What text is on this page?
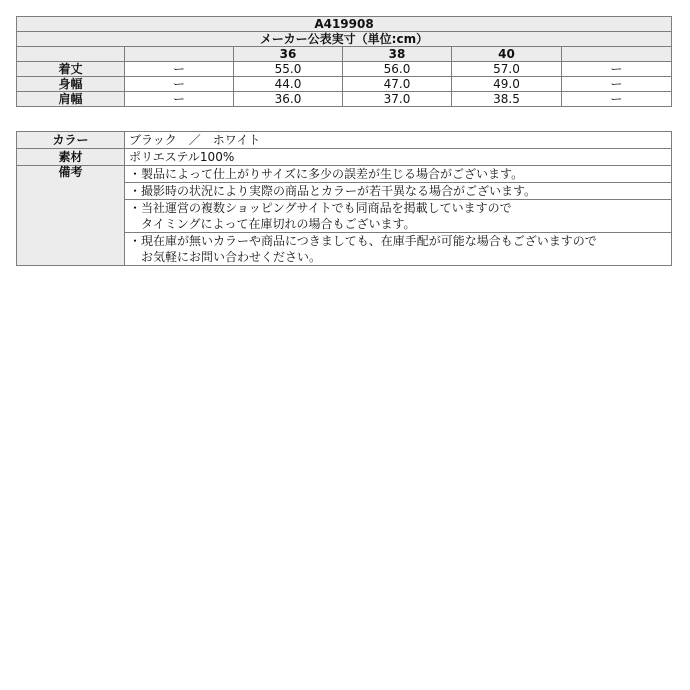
A419908					
メーカー公表実寸（単位:cm）					
		36	38	40	
着丈	ー	55.0	56.0	57.0	ー
身幅	ー	44.0	47.0	49.0	ー
肩幅	ー	36.0	37.0	38.5	ー
カラー	ブラック　／　ホワイト
素材	ポリエステル100%
備考	・製品によって仕上がりサイズに多少の誤差が生じる場合がございます。

	・撮影時の状況により実際の商品とカラーが若干異なる場合がございます。

	・当社運営の複数ショッピングサイトでも同商品を掲載していますので
　タイミングによって在庫切れの場合もございます。

	・現在庫が無いカラーや商品につきましても、在庫手配が可能な場合もございますので
　お気軽にお問い合わせください。
